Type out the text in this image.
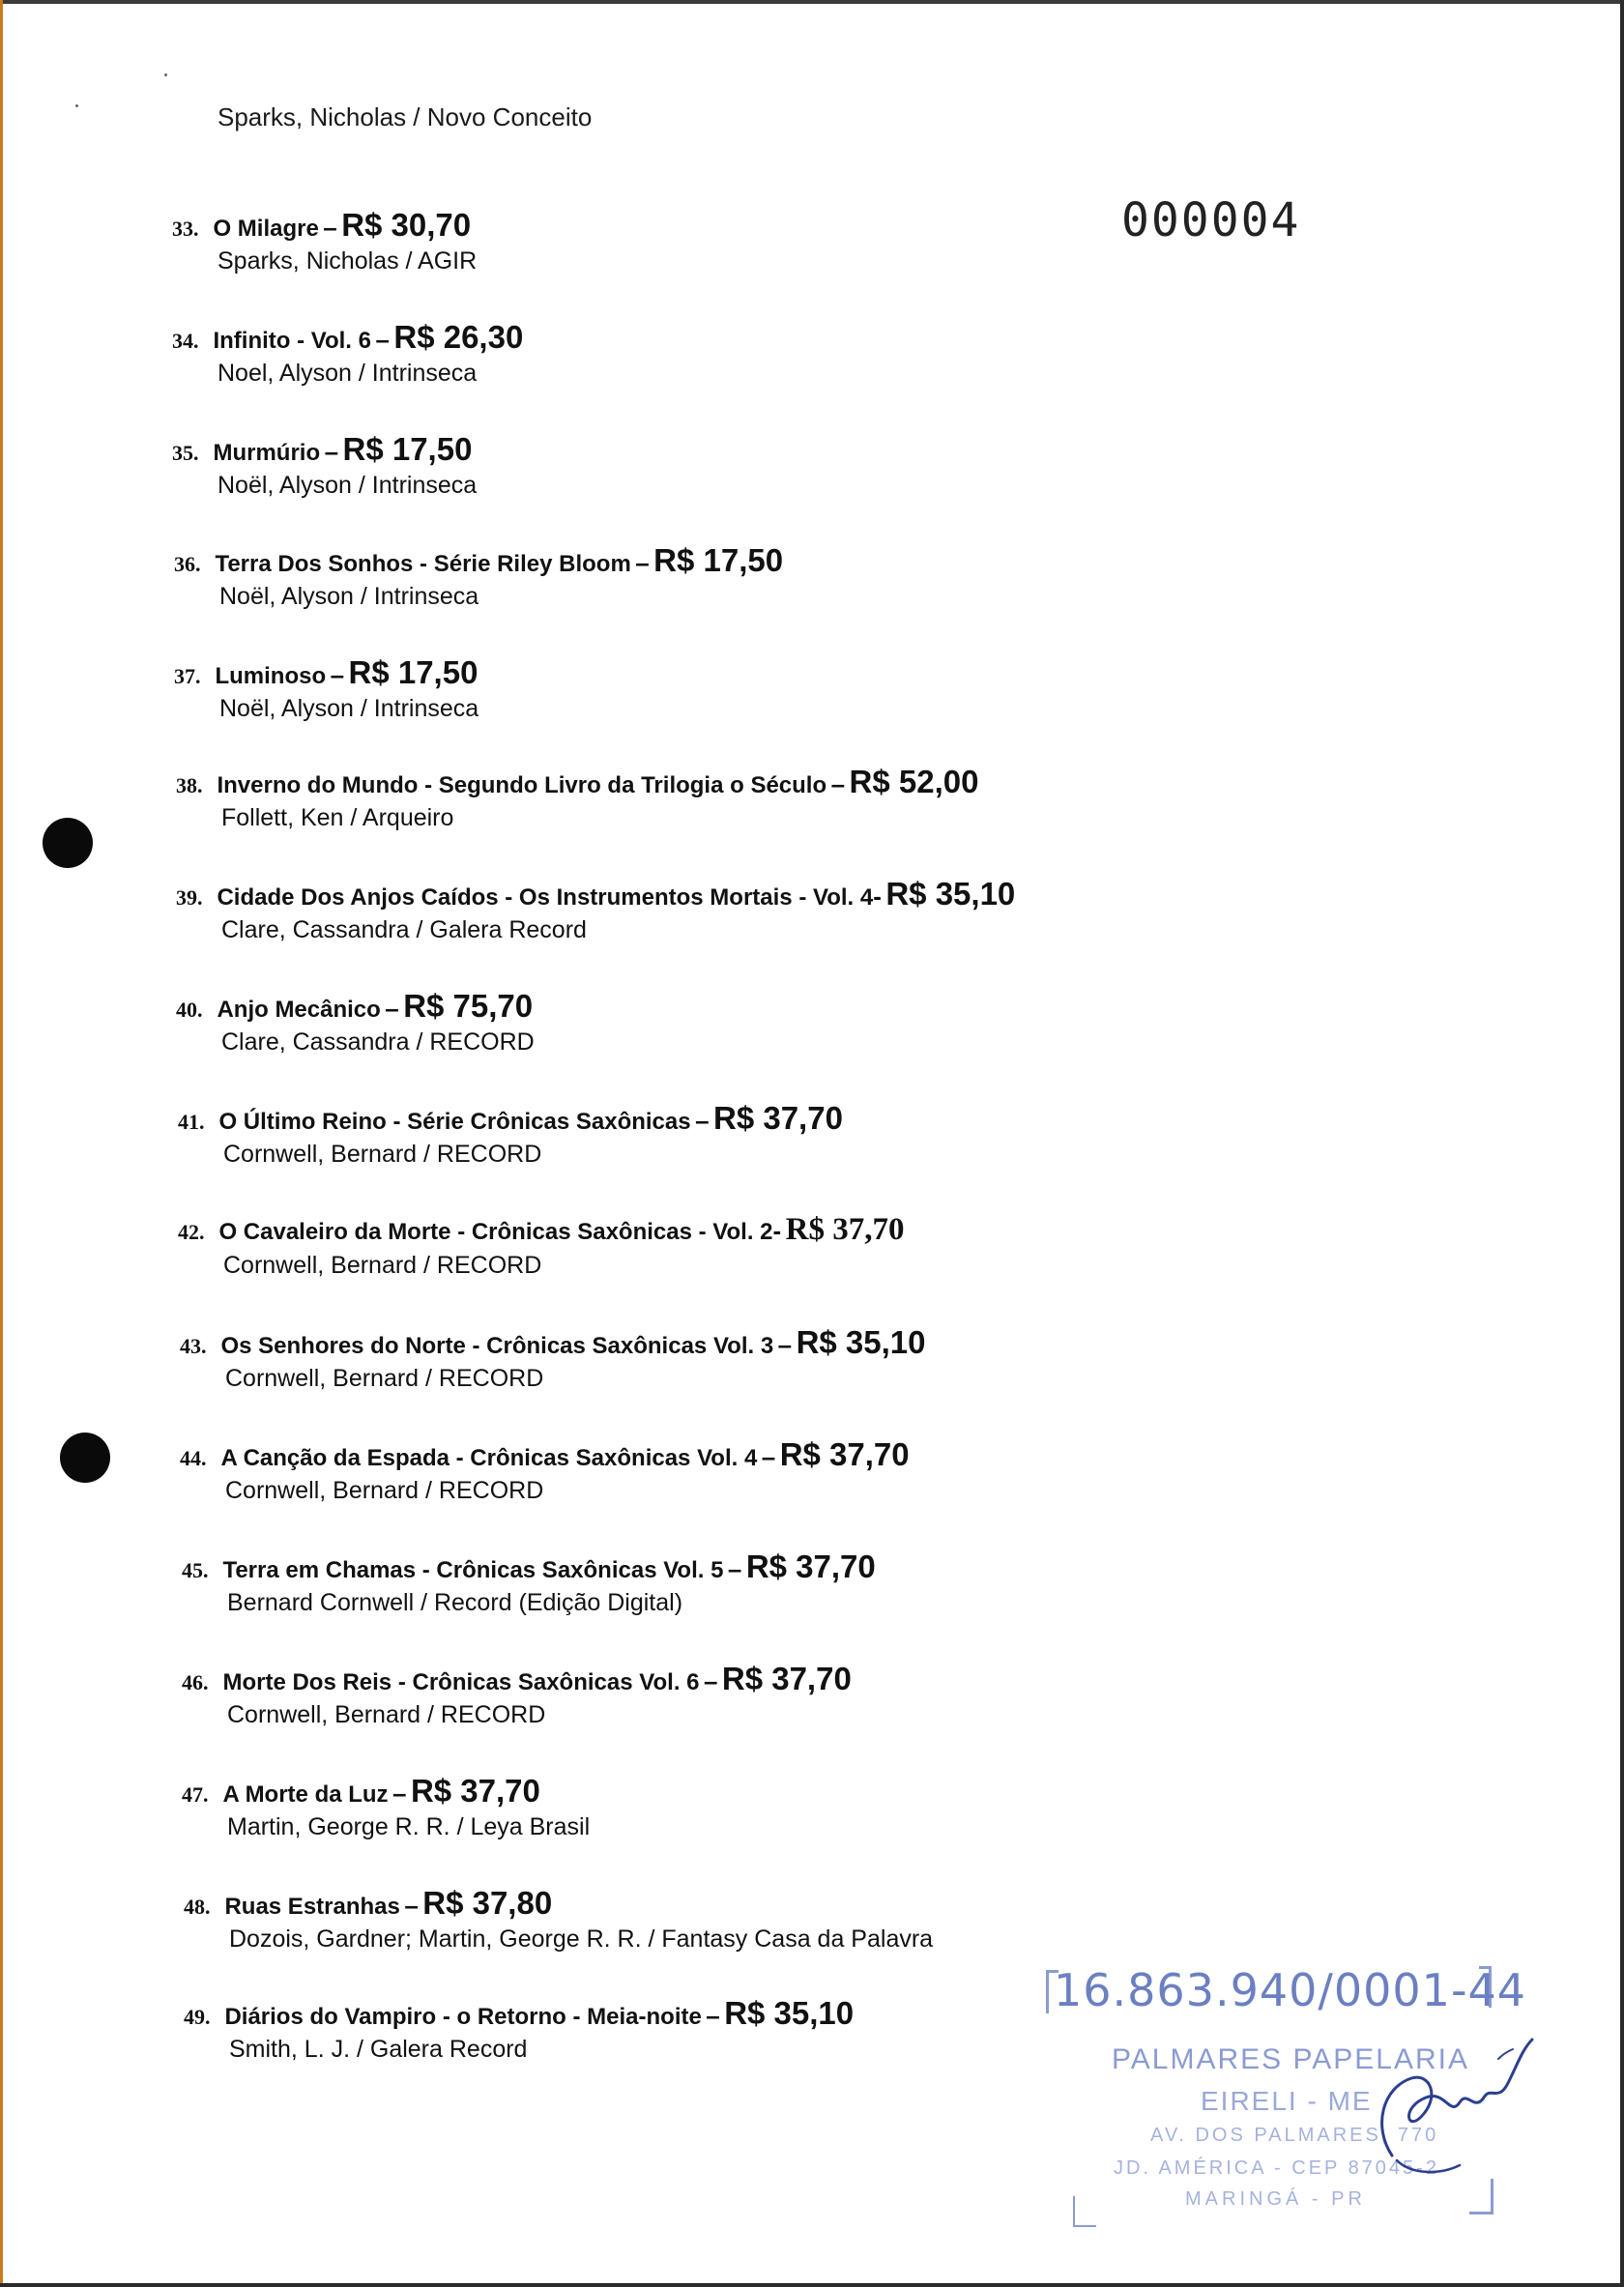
Sparks, Nicholas / Novo Conceito
000004
33. O Milagre – R$ 30,70
Sparks, Nicholas / AGIR
34. Infinito - Vol. 6 – R$ 26,30
Noel, Alyson / Intrinseca
35. Murmúrio – R$ 17,50
Noël, Alyson / Intrinseca
36. Terra Dos Sonhos - Série Riley Bloom – R$ 17,50
Noël, Alyson / Intrinseca
37. Luminoso – R$ 17,50
Noël, Alyson / Intrinseca
38. Inverno do Mundo - Segundo Livro da Trilogia o Século – R$ 52,00
Follett, Ken / Arqueiro
39. Cidade Dos Anjos Caídos - Os Instrumentos Mortais - Vol. 4- R$ 35,10
Clare, Cassandra / Galera Record
40. Anjo Mecânico – R$ 75,70
Clare, Cassandra / RECORD
41. O Último Reino - Série Crônicas Saxônicas – R$ 37,70
Cornwell, Bernard / RECORD
42. O Cavaleiro da Morte - Crônicas Saxônicas - Vol. 2- R$ 37,70
Cornwell, Bernard / RECORD
43. Os Senhores do Norte - Crônicas Saxônicas Vol. 3 – R$ 35,10
Cornwell, Bernard / RECORD
44. A Canção da Espada - Crônicas Saxônicas Vol. 4 – R$ 37,70
Cornwell, Bernard / RECORD
45. Terra em Chamas - Crônicas Saxônicas Vol. 5 – R$ 37,70
Bernard Cornwell / Record (Edição Digital)
46. Morte Dos Reis - Crônicas Saxônicas Vol. 6 – R$ 37,70
Cornwell, Bernard / RECORD
47. A Morte da Luz – R$ 37,70
Martin, George R. R. / Leya Brasil
48. Ruas Estranhas – R$ 37,80
Dozois, Gardner; Martin, George R. R. / Fantasy Casa da Palavra
49. Diários do Vampiro - o Retorno - Meia-noite – R$ 35,10
Smith, L. J. / Galera Record
16.863.940/0001-44
PALMARES PAPELARIA
EIRELI - ME
AV. DOS PALMARES, 770
JD. AMÉRICA - CEP 87045-2
MARINGÁ - PR
